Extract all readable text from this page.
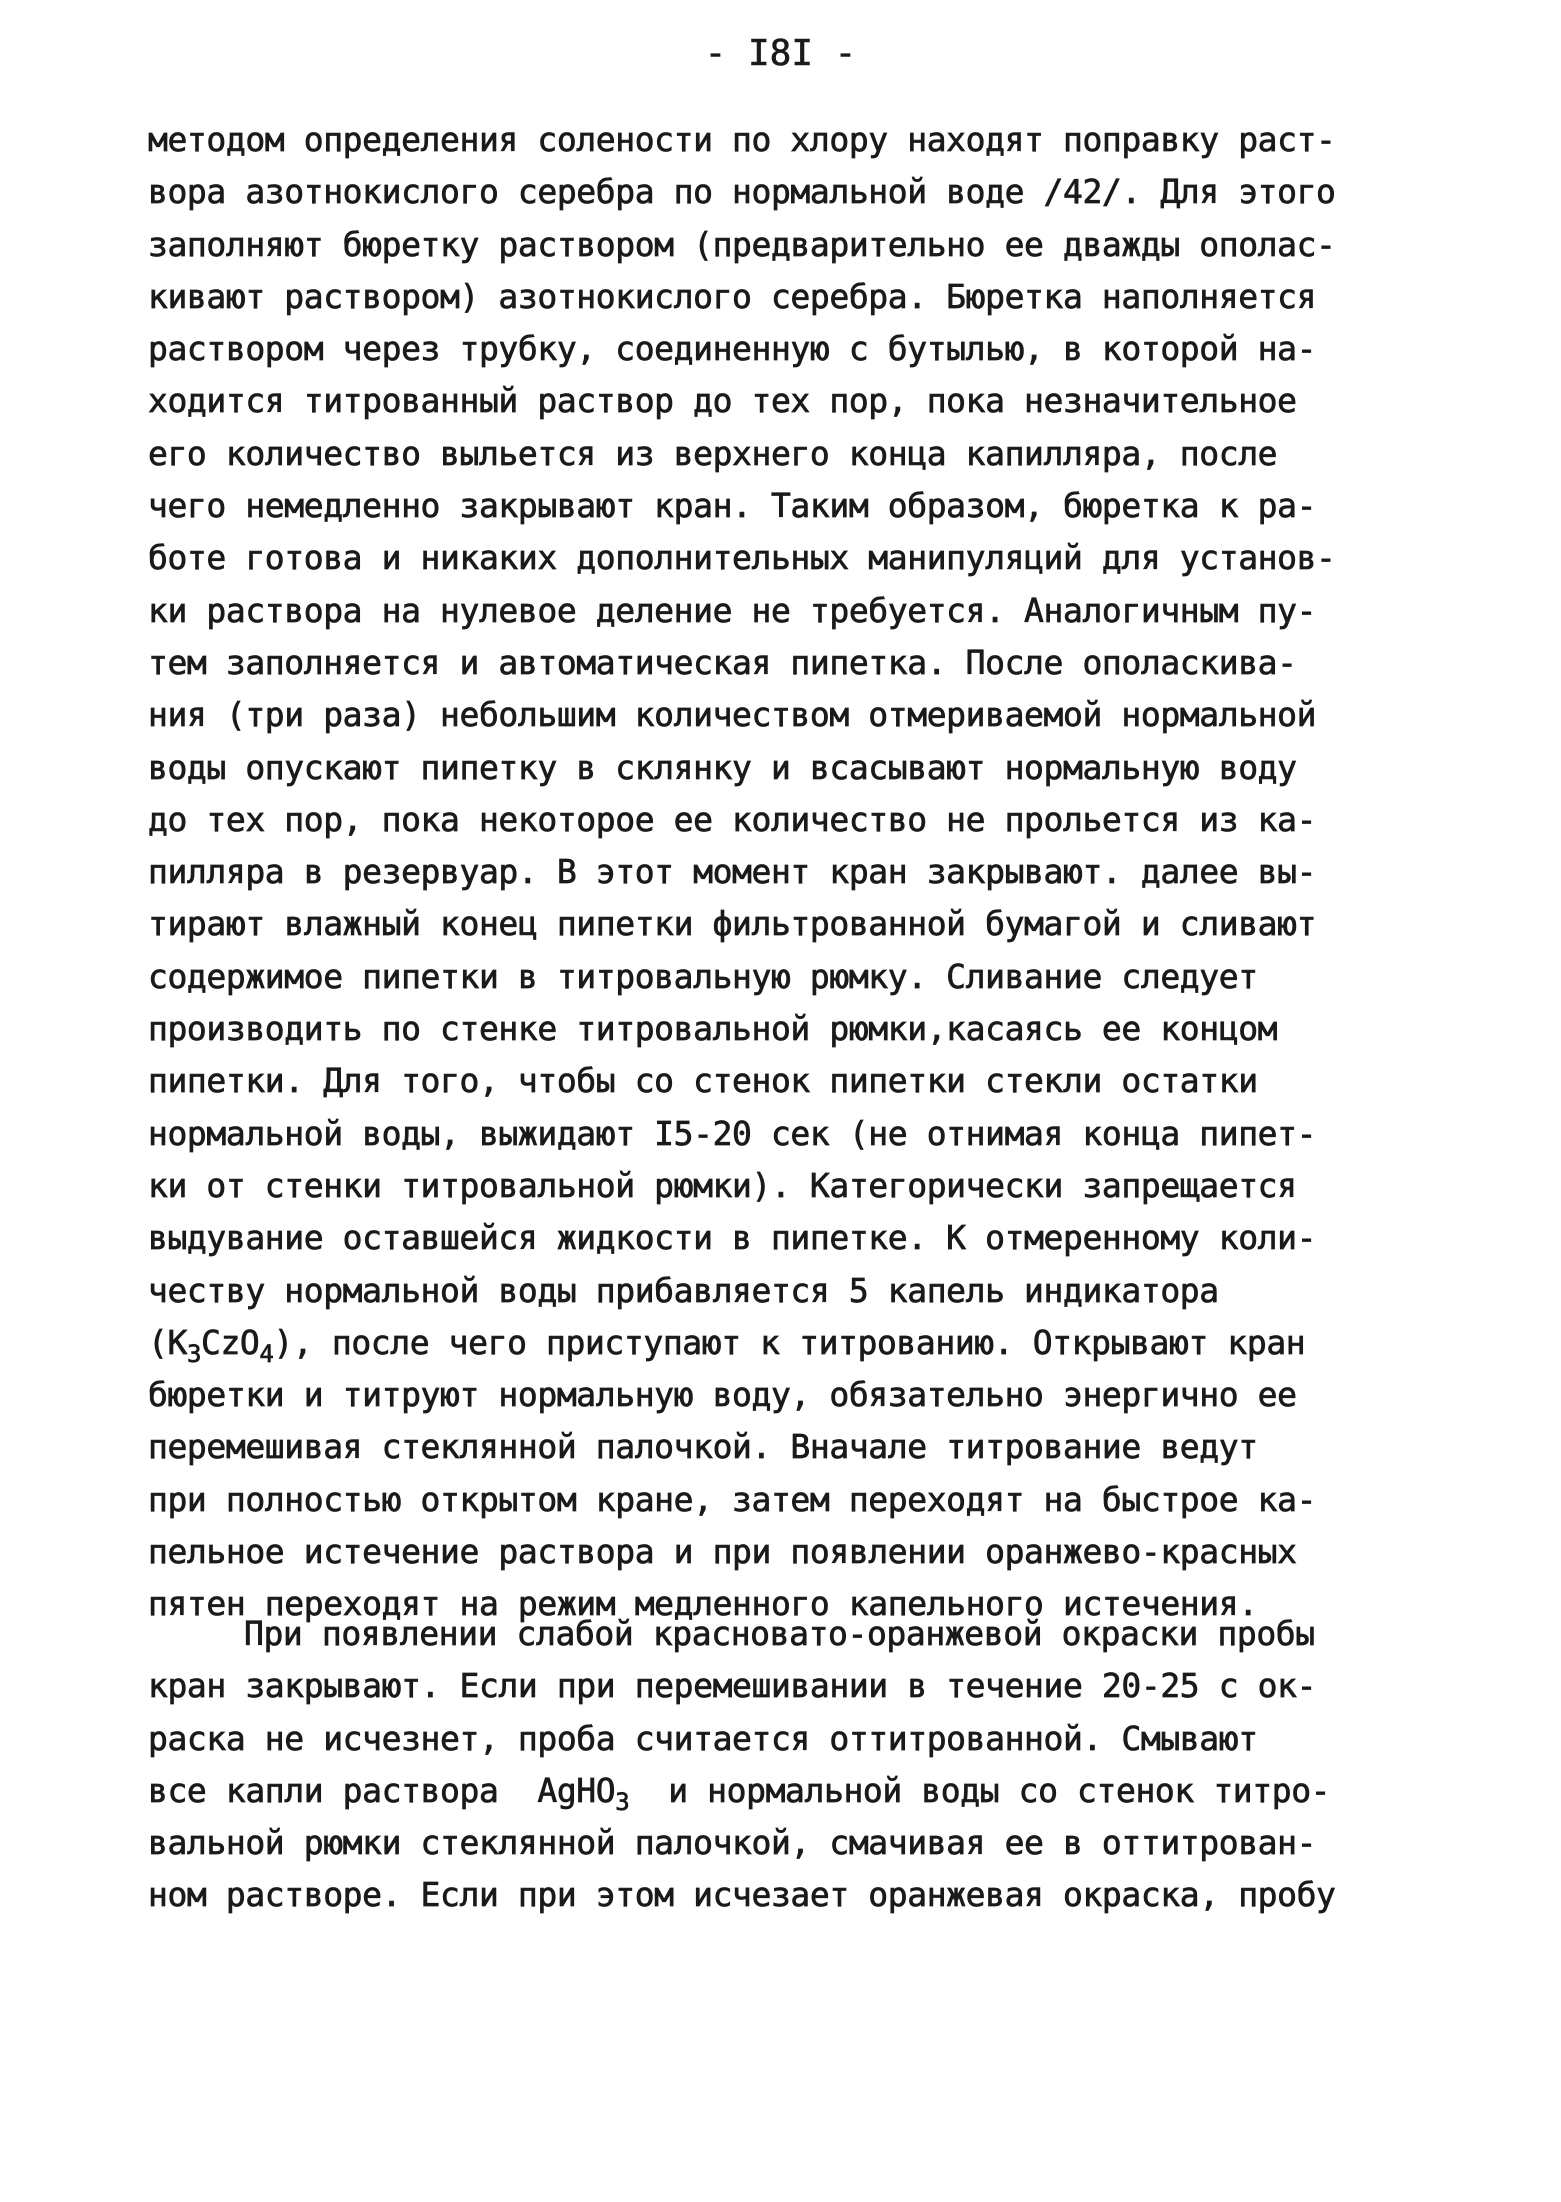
- I8I -
методом определения солености по хлору находят поправку раст-
вора азотнокислого серебра по нормальной воде /42/. Для этого
заполняют бюретку раствором (предварительно ее дважды ополас-
кивают раствором) азотнокислого серебра. Бюретка наполняется
раствором через трубку, соединенную с бутылью, в которой на-
ходится титрованный раствор до тех пор, пока незначительное
его количество выльется из верхнего конца капилляра, после
чего немедленно закрывают кран. Таким образом, бюретка к ра-
боте готова и никаких дополнительных манипуляций для установ-
ки раствора на нулевое деление не требуется. Аналогичным пу-
тем заполняется и автоматическая пипетка. После ополаскива-
ния (три раза) небольшим количеством отмериваемой нормальной
воды опускают пипетку в склянку и всасывают нормальную воду
до тех пор, пока некоторое ее количество не прольется из ка-
пилляра в резервуар. В этот момент кран закрывают. далее вы-
тирают влажный конец пипетки фильтрованной бумагой и сливают
содержимое пипетки в титровальную рюмку. Сливание следует
производить по стенке титровальной рюмки,касаясь ее концом
пипетки. Для того, чтобы со стенок пипетки стекли остатки
нормальной воды, выжидают I5-20 сек (не отнимая конца пипет-
ки от стенки титровальной рюмки). Категорически запрещается
выдувание оставшейся жидкости в пипетке. К отмеренному коли-
честву нормальной воды прибавляется 5 капель индикатора
$(K_3CzO_4)$, после чего приступают к титрованию. Открывают кран
бюретки и титруют нормальную воду, обязательно энергично ее
перемешивая стеклянной палочкой. Вначале титрование ведут
при полностью открытом кране, затем переходят на быстрое ка-
пельное истечение раствора и при появлении оранжево-красных
пятен переходят на режим медленного капельного истечения.
При появлении слабой красновато-оранжевой окраски пробы
кран закрывают. Если при перемешивании в течение 20-25 с ок-
раска не исчезнет, проба считается оттитрованной. Смывают
все капли раствора  AgHO$_3$  и нормальной воды со стенок титро-
вальной рюмки стеклянной палочкой, смачивая ее в оттитрован-
ном растворе. Если при этом исчезает оранжевая окраска, пробу
